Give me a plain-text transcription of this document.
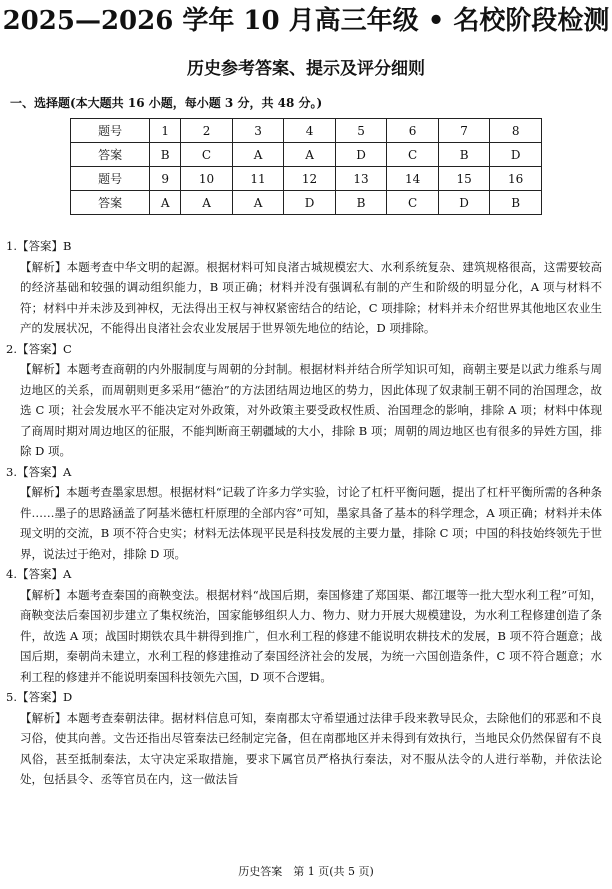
2025—2026 学年 10 月高三年级 • 名校阶段检测
历史参考答案、提示及评分细则
一、选择题(本大题共 16 小题，每小题 3 分，共 48 分。)
题号	1	2	3	4	5	6	7	8
答案	B	C	A	A	D	C	B	D
题号	9	10	11	12	13	14	15	16
答案	A	A	A	D	B	C	D	B

1.【答案】B

【解析】本题考查中华文明的起源。根据材料可知良渚古城规模宏大、水利系统复杂、建筑规格很高，这需要较高的经济基础和较强的调动组织能力，B 项正确；材料并没有强调私有制的产生和阶级的明显分化，A 项与材料不符；材料中并未涉及到神权，无法得出王权与神权紧密结合的结论，C 项排除；材料并未介绍世界其他地区农业生产的发展状况，不能得出良渚社会农业发展居于世界领先地位的结论，D 项排除。

2.【答案】C

【解析】本题考查商朝的内外服制度与周朝的分封制。根据材料并结合所学知识可知，商朝主要是以武力维系与周边地区的关系，而周朝则更多采用“德治”的方法团结周边地区的势力，因此体现了奴隶制王朝不同的治国理念，故选 C 项；社会发展水平不能决定对外政策，对外政策主要受政权性质、治国理念的影响，排除 A 项；材料中体现了商周时期对周边地区的征服，不能判断商王朝疆域的大小，排除 B 项；周朝的周边地区也有很多的异姓方国，排除 D 项。

3.【答案】A

【解析】本题考查墨家思想。根据材料“记载了许多力学实验，讨论了杠杆平衡问题，提出了杠杆平衡所需的各种条件……墨子的思路涵盖了阿基米德杠杆原理的全部内容”可知，墨家具备了基本的科学理念，A 项正确；材料并未体现文明的交流，B 项不符合史实；材料无法体现平民是科技发展的主要力量，排除 C 项；中国的科技始终领先于世界，说法过于绝对，排除 D 项。

4.【答案】A

【解析】本题考查秦国的商鞅变法。根据材料“战国后期，秦国修建了郑国渠、都江堰等一批大型水利工程”可知，商鞅变法后秦国初步建立了集权统治，国家能够组织人力、物力、财力开展大规模建设，为水利工程修建创造了条件，故选 A 项；战国时期铁农具牛耕得到推广，但水利工程的修建不能说明农耕技术的发展，B 项不符合题意；战国后期，秦朝尚未建立，水利工程的修建推动了秦国经济社会的发展，为统一六国创造条件，C 项不符合题意；水利工程的修建并不能说明秦国科技领先六国，D 项不合逻辑。

5.【答案】D

【解析】本题考查秦朝法律。据材料信息可知，秦南郡太守希望通过法律手段来教导民众，去除他们的邪恶和不良习俗，使其向善。文告还指出尽管秦法已经制定完备，但在南郡地区并未得到有效执行，当地民众仍然保留有不良风俗，甚至抵制秦法，太守决定采取措施，要求下属官员严格执行秦法，对不服从法令的人进行举勒，并依法论处，包括县令、丞等官员在内，这一做法旨

历史答案　第 1 页(共 5 页)
